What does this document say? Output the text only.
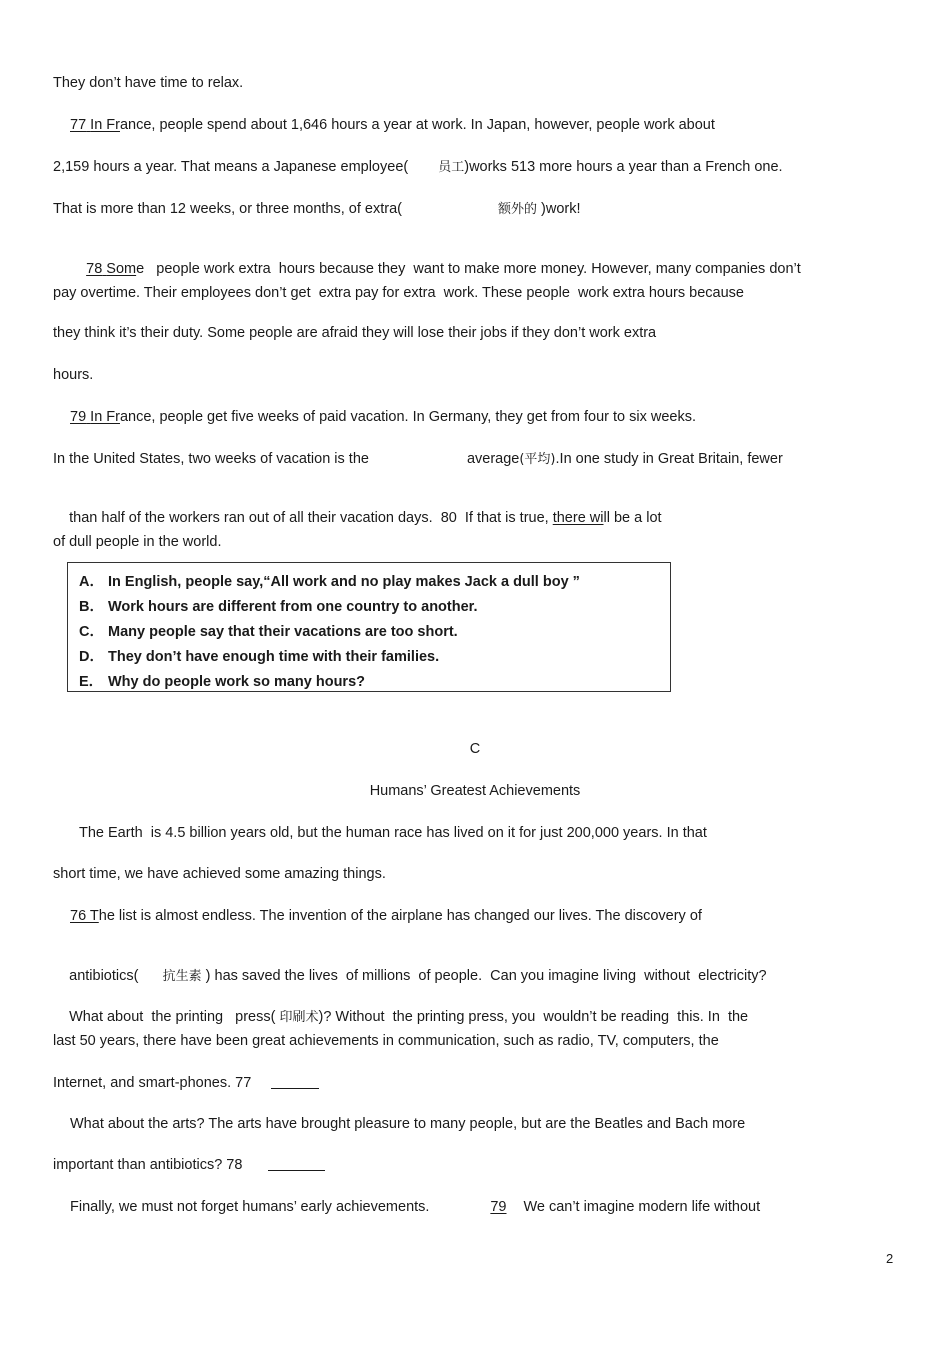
They don’t have time to relax.
77 In France, people spend about 1,646 hours a year at work. In Japan, however, people work about
2,159 hours a year. That means a Japanese employee( 员工)works 513 more hours a year than a French one.
That is more than 12 weeks, or three months, of extra(	额外的 )work!

78 Some   people work extra  hours because they  want to make more money. However, many companies don’t

pay overtime. Their employees don’t get  extra pay for extra  work. These people  work extra hours because
they think it’s their duty. Some people are afraid they will lose their jobs if they don’t work extra
hours.
79 In France, people get five weeks of paid vacation. In Germany, they get from four to six weeks.
In the United States, two weeks of vacation is the	average(平均).In one study in Great Britain, fewer

than half of the workers ran out of all their vacation days.  80  If that is true, there will be a lot

of dull people in the world.
A． In English, people say,“All work and no play makes Jack a dull boy ”
B． Work hours are different from one country to another.
C． Many people say that their vacations are too short.
D． They don’t have enough time with their families.
E． Why do people work so many hours?
C
Humans’ Greatest Achievements
The Earth  is 4.5 billion years old, but the human race has lived on it for just 200,000 years. In that
short time, we have achieved some amazing things.
76 The list is almost endless. The invention of the airplane has changed our lives. The discovery of

antibiotics( 抗生素 ) has saved the lives  of millions  of people.  Can you imagine living  without  electricity?

What about  the printing   press( 印刷术)? Without  the printing press, you  wouldn’t be reading  this. In  the

last 50 years, there have been great achievements in communication, such as radio, TV, computers, the
Internet, and smart-phones. 77
What about the arts? The arts have brought pleasure to many people, but are the Beatles and Bach more
important than antibiotics? 78
Finally, we must not forget humans’ early achievements.	79 We can’t imagine modern life without
2
